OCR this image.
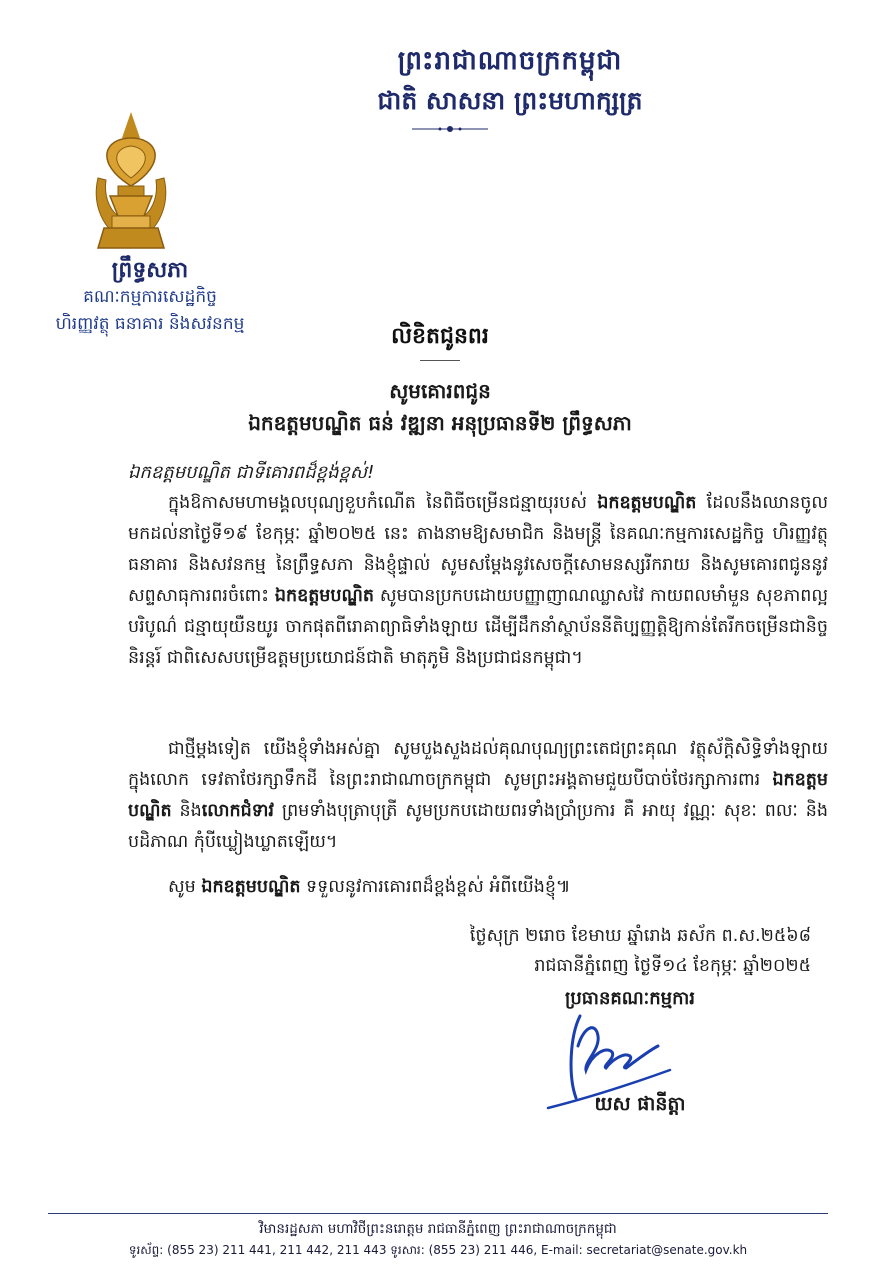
ព្រះរាជាណាចក្រកម្ពុជា
ជាតិ សាសនា ព្រះមហាក្សត្រ
ព្រឹទ្ធសភា
គណៈកម្មការសេដ្ឋកិច្ច
ហិរញ្ញវត្ថុ ធនាគារ និងសវនកម្ម	លិខិតជូនពរ
សូមគោរពជូន
ឯកឧត្តមបណ្ឌិត ធន់ វឌ្ឍនា អនុប្រធានទី២ ព្រឹទ្ធសភា
ឯកឧត្តមបណ្ឌិត ជាទីគោរពដ៏ខ្ពង់ខ្ពស់!
ក្នុងឱកាសមហាមង្គលបុណ្យខួបកំណើត នៃពិធីចម្រើនជន្មាយុរបស់ ឯកឧត្តមបណ្ឌិត ដែលនឹងឈានចូលមកដល់នាថ្ងៃទី១៩ ខែកុម្ភៈ ឆ្នាំ២០២៥ នេះ តាងនាមឱ្យសមាជិក និងមន្ត្រី នៃគណៈកម្មការសេដ្ឋកិច្ច ហិរញ្ញវត្ថុ ធនាគារ និងសវនកម្ម នៃព្រឹទ្ធសភា និងខ្ញុំផ្ទាល់ សូមសម្តែងនូវសេចក្តីសោមនស្សរីករាយ និងសូមគោរពជូននូវសព្ទសាធុការពរចំពោះ ឯកឧត្តមបណ្ឌិត សូមបានប្រកបដោយបញ្ញាញាណឈ្លាសវៃ កាយពលមាំមួន សុខភាពល្អបរិបូណ៌ ជន្មាយុយឺនយូរ ចាកផុតពីរោគាព្យាធិទាំងឡាយ ដើម្បីដឹកនាំស្ថាប័ននីតិប្បញ្ញត្តិឱ្យកាន់តែរីកចម្រើនជានិច្ចនិរន្តរ៍ ជាពិសេសបម្រើឧត្តមប្រយោជន៍ជាតិ មាតុភូមិ និងប្រជាជនកម្ពុជា។
ជាថ្មីម្តងទៀត យើងខ្ញុំទាំងអស់គ្នា សូមបួងសួងដល់គុណបុណ្យព្រះតេជព្រះគុណ វត្ថុស័ក្តិសិទ្ធិទាំងឡាយក្នុងលោក ទេវតាថែរក្សាទឹកដី នៃព្រះរាជាណាចក្រកម្ពុជា សូមព្រះអង្គតាមជួយបីបាច់ថែរក្សាការពារ ឯកឧត្តមបណ្ឌិត និងលោកជំទាវ ព្រមទាំងបុត្រាបុត្រី សូមប្រកបដោយពរទាំងប្រាំប្រការ គឺ អាយុ វណ្ណៈ សុខៈ ពលៈ និងបដិភាណ កុំបីឃ្លៀងឃ្លាតឡើយ។
សូម ឯកឧត្តមបណ្ឌិត ទទួលនូវការគោរពដ៏ខ្ពង់ខ្ពស់ អំពីយើងខ្ញុំ៕
ថ្ងៃសុក្រ ២រោច ខែមាឃ ឆ្នាំរោង ឆស័ក ព.ស.២៥៦៨
រាជធានីភ្នំពេញ ថ្ងៃទី១៤ ខែកុម្ភៈ ឆ្នាំ២០២៥
ប្រធានគណៈកម្មការ
យស ផានីត្តា
វិមានរដ្ឋសភា មហាវិថីព្រះនរោត្តម រាជធានីភ្នំពេញ ព្រះរាជាណាចក្រកម្ពុជា
ទូរស័ព្ទ: (855 23) 211 441, 211 442, 211 443 ទូរសារ: (855 23) 211 446, E-mail: secretariat@senate.gov.kh
